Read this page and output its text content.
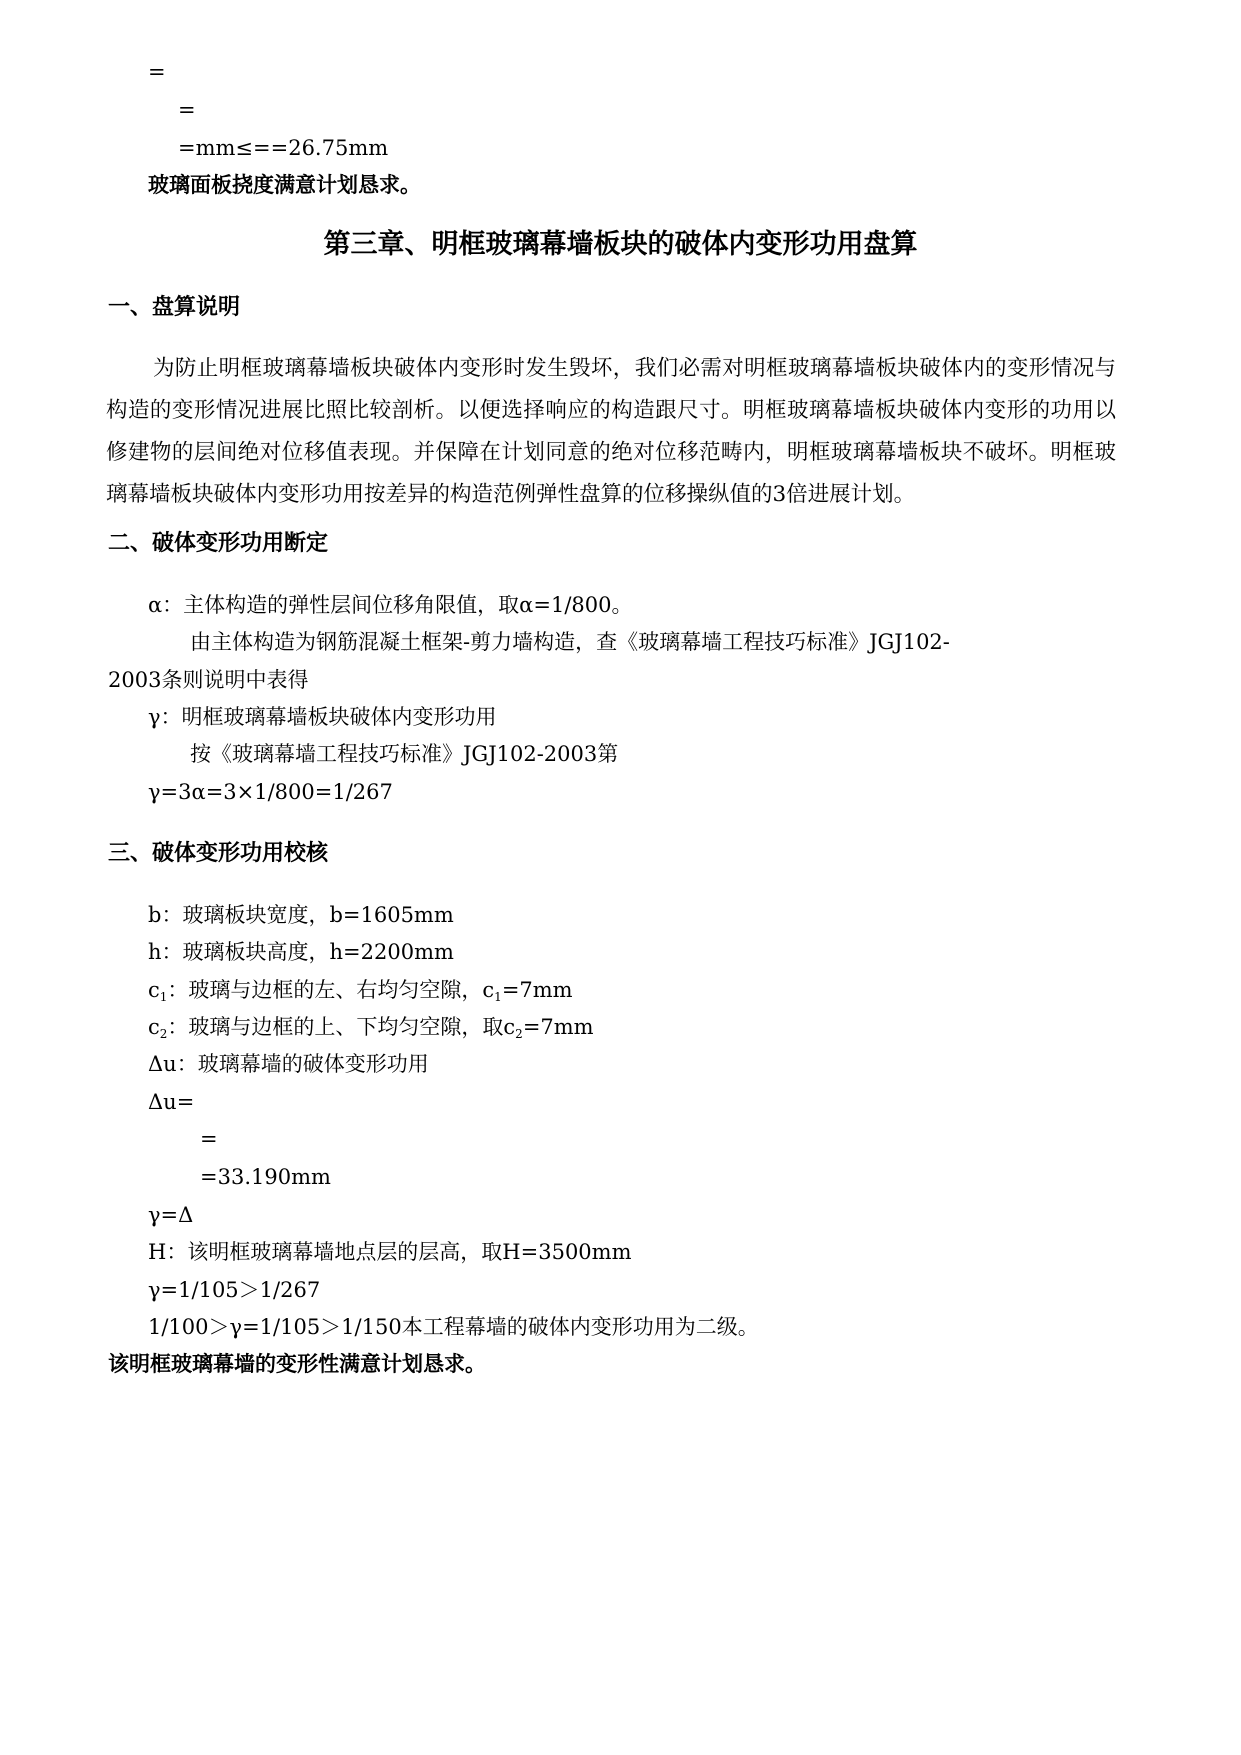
=
=
=mm≤==26.75mm
玻璃面板挠度满意计划恳求。
第三章、明框玻璃幕墙板块的破体内变形功用盘算
一、盘算说明
为防止明框玻璃幕墙板块破体内变形时发生毁坏，我们必需对明框玻璃幕墙板块破体内的变形情况与构造的变形情况进展比照比较剖析。以便选择响应的构造跟尺寸。明框玻璃幕墙板块破体内变形的功用以修建物的层间绝对位移值表现。并保障在计划同意的绝对位移范畴内，明框玻璃幕墙板块不破坏。明框玻璃幕墙板块破体内变形功用按差异的构造范例弹性盘算的位移操纵值的3倍进展计划。
二、破体变形功用断定
α：主体构造的弹性层间位移角限值，取α=1/800。
由主体构造为钢筋混凝土框架-剪力墙构造，查《玻璃幕墙工程技巧标准》JGJ102-
2003条则说明中表得
γ：明框玻璃幕墙板块破体内变形功用
按《玻璃幕墙工程技巧标准》JGJ102-2003第
γ=3α=3×1/800=1/267
三、破体变形功用校核
b：玻璃板块宽度，b=1605mm
h：玻璃板块高度，h=2200mm
$c_1$：玻璃与边框的左、右均匀空隙，$c_1=7mm$
$c_2$：玻璃与边框的上、下均匀空隙，取$c_2=7mm$
Δu：玻璃幕墙的破体变形功用
Δu=
=
=33.190mm
γ=Δ
H：该明框玻璃幕墙地点层的层高，取H=3500mm
γ=1/105＞1/267
1/100＞γ=1/105＞1/150本工程幕墙的破体内变形功用为二级。
该明框玻璃幕墙的变形性满意计划恳求。
